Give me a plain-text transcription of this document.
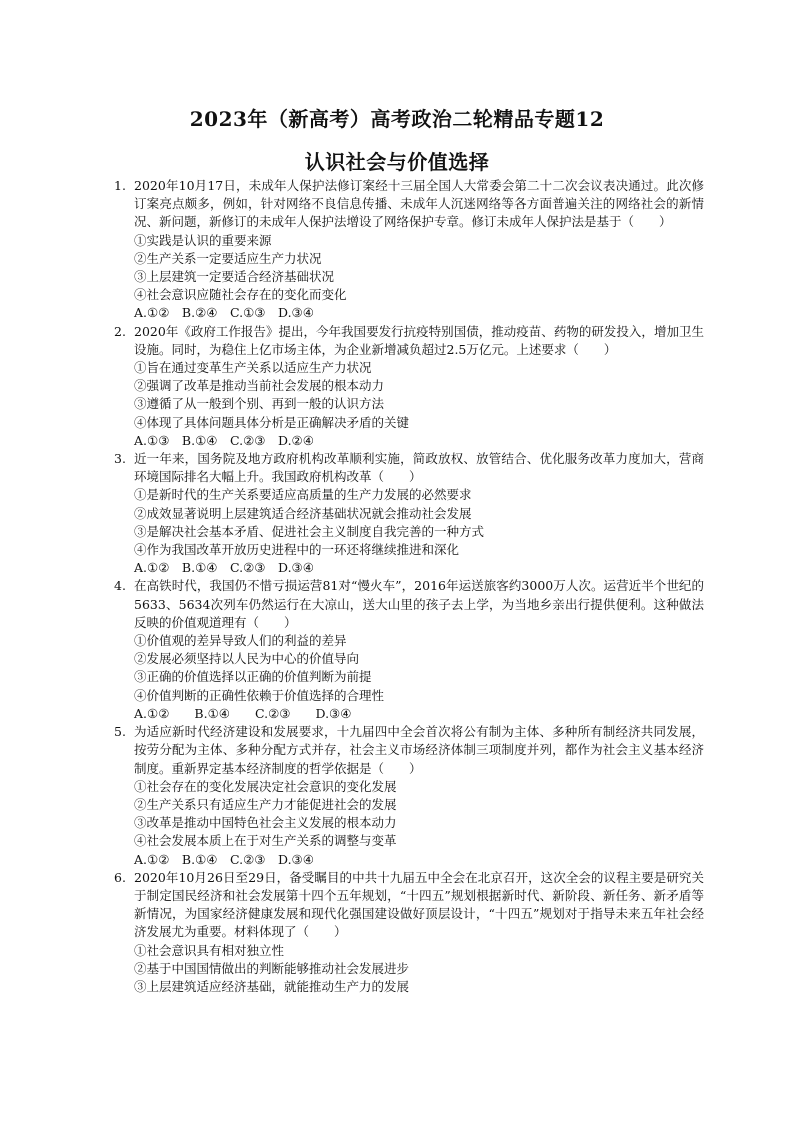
2023年（新高考）高考政治二轮精品专题12
认识社会与价值选择
1. 2020年10月17日，未成年人保护法修订案经十三届全国人大常委会第二十二次会议表决通过。此次修订案亮点颇多，例如，针对网络不良信息传播、未成年人沉迷网络等各方面普遍关注的网络社会的新情况、新问题，新修订的未成年人保护法增设了网络保护专章。修订未成年人保护法是基于（　　）
①实践是认识的重要来源
②生产关系一定要适应生产力状况
③上层建筑一定要适合经济基础状况
④社会意识应随社会存在的变化而变化
A.①②　B.②④　C.①③　D.③④
2. 2020年《政府工作报告》提出，今年我国要发行抗疫特别国债，推动疫苗、药物的研发投入，增加卫生设施。同时，为稳住上亿市场主体，为企业新增减负超过2.5万亿元。上述要求（　　）
①旨在通过变革生产关系以适应生产力状况
②强调了改革是推动当前社会发展的根本动力
③遵循了从一般到个别、再到一般的认识方法
④体现了具体问题具体分析是正确解决矛盾的关键
A.①③　B.①④　C.②③　D.②④
3. 近一年来，国务院及地方政府机构改革顺利实施，简政放权、放管结合、优化服务改革力度加大，营商环境国际排名大幅上升。我国政府机构改革（　　）
①是新时代的生产关系要适应高质量的生产力发展的必然要求
②成效显著说明上层建筑适合经济基础状况就会推动社会发展
③是解决社会基本矛盾、促进社会主义制度自我完善的一种方式
④作为我国改革开放历史进程中的一环还将继续推进和深化
A.①②　B.①④　C.②③　D.③④
4. 在高铁时代，我国仍不惜亏损运营81对“慢火车”，2016年运送旅客约3000万人次。运营近半个世纪的5633、5634次列车仍然运行在大凉山，送大山里的孩子去上学，为当地乡亲出行提供便利。这种做法反映的价值观道理有（　　）
①价值观的差异导致人们的利益的差异
②发展必须坚持以人民为中心的价值导向
③正确的价值选择以正确的价值判断为前提
④价值判断的正确性依赖于价值选择的合理性
A.①②　　B.①④　　C.②③　　D.③④
5. 为适应新时代经济建设和发展要求，十九届四中全会首次将公有制为主体、多种所有制经济共同发展，按劳分配为主体、多种分配方式并存，社会主义市场经济体制三项制度并列，都作为社会主义基本经济制度。重新界定基本经济制度的哲学依据是（　　）
①社会存在的变化发展决定社会意识的变化发展
②生产关系只有适应生产力才能促进社会的发展
③改革是推动中国特色社会主义发展的根本动力
④社会发展本质上在于对生产关系的调整与变革
A.①②　B.①④　C.②③　D.③④
6. 2020年10月26日至29日，备受瞩目的中共十九届五中全会在北京召开，这次全会的议程主要是研究关于制定国民经济和社会发展第十四个五年规划，“十四五”规划根据新时代、新阶段、新任务、新矛盾等新情况，为国家经济健康发展和现代化强国建设做好顶层设计，“十四五”规划对于指导未来五年社会经济发展尤为重要。材料体现了（　　）
①社会意识具有相对独立性
②基于中国国情做出的判断能够推动社会发展进步
③上层建筑适应经济基础，就能推动生产力的发展
